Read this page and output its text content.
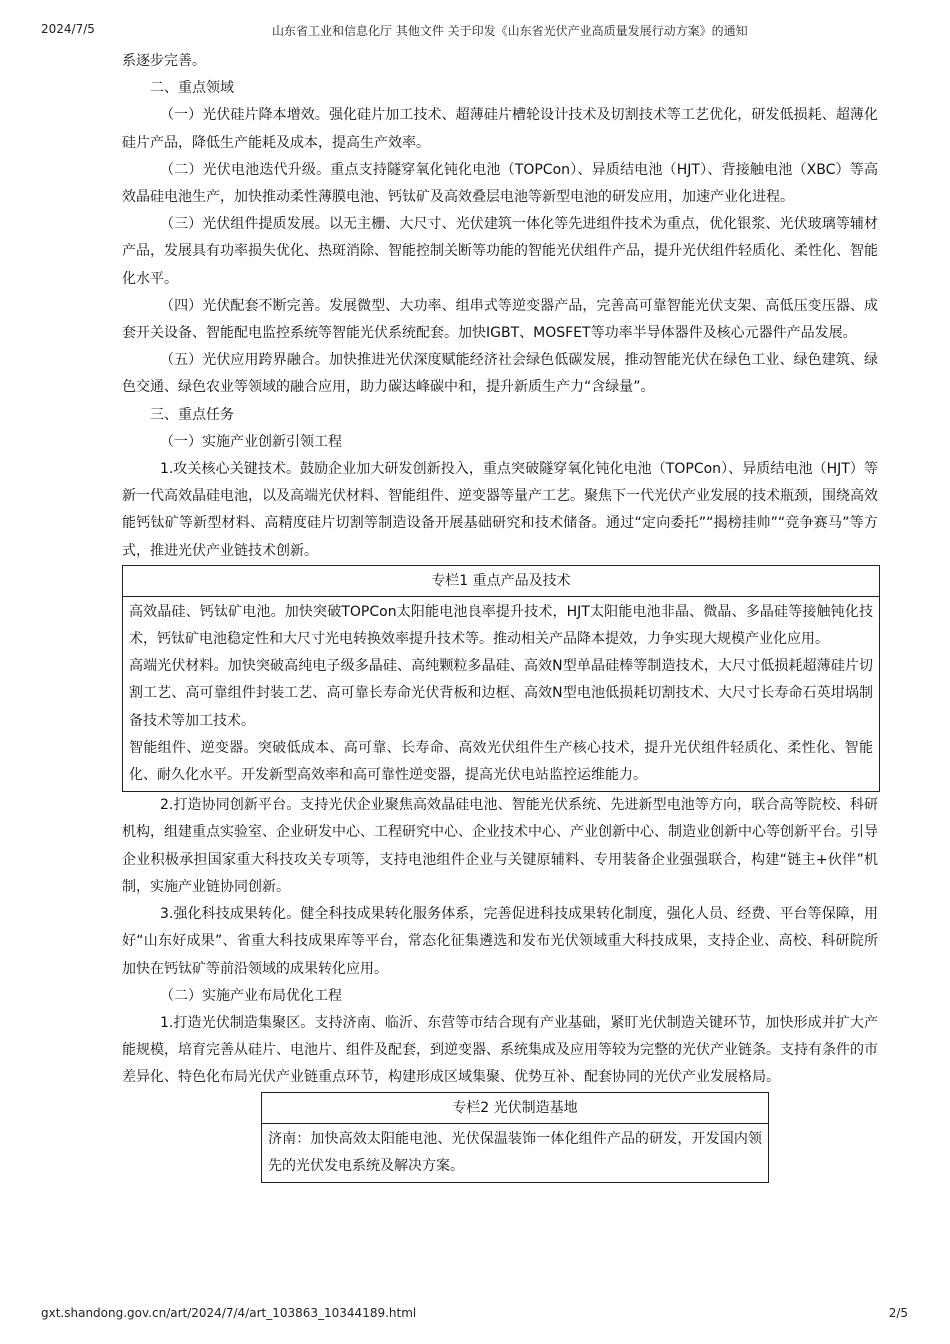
2024/7/5	山东省工业和信息化厅 其他文件 关于印发《山东省光伏产业高质量发展行动方案》的通知

系逐步完善。

二、重点领域

（一）光伏硅片降本增效。强化硅片加工技术、超薄硅片槽轮设计技术及切割技术等工艺优化，研发低损耗、超薄化硅片产品，降低生产能耗及成本，提高生产效率。

（二）光伏电池迭代升级。重点支持隧穿氧化钝化电池（TOPCon）、异质结电池（HJT）、背接触电池（XBC）等高效晶硅电池生产，加快推动柔性薄膜电池、钙钛矿及高效叠层电池等新型电池的研发应用，加速产业化进程。

（三）光伏组件提质发展。以无主栅、大尺寸、光伏建筑一体化等先进组件技术为重点，优化银浆、光伏玻璃等辅材产品，发展具有功率损失优化、热斑消除、智能控制关断等功能的智能光伏组件产品，提升光伏组件轻质化、柔性化、智能化水平。

（四）光伏配套不断完善。发展微型、大功率、组串式等逆变器产品，完善高可靠智能光伏支架、高低压变压器、成套开关设备、智能配电监控系统等智能光伏系统配套。加快IGBT、MOSFET等功率半导体器件及核心元器件产品发展。

（五）光伏应用跨界融合。加快推进光伏深度赋能经济社会绿色低碳发展，推动智能光伏在绿色工业、绿色建筑、绿色交通、绿色农业等领域的融合应用，助力碳达峰碳中和，提升新质生产力“含绿量”。

三、重点任务

（一）实施产业创新引领工程

1.攻关核心关键技术。鼓励企业加大研发创新投入，重点突破隧穿氧化钝化电池（TOPCon）、异质结电池（HJT）等新一代高效晶硅电池，以及高端光伏材料、智能组件、逆变器等量产工艺。聚焦下一代光伏产业发展的技术瓶颈，围绕高效能钙钛矿等新型材料、高精度硅片切割等制造设备开展基础研究和技术储备。通过“定向委托”“揭榜挂帅”“竞争赛马”等方式，推进光伏产业链技术创新。

专栏1 重点产品及技术

高效晶硅、钙钛矿电池。加快突破TOPCon太阳能电池良率提升技术，HJT太阳能电池非晶、微晶、多晶硅等接触钝化技术，钙钛矿电池稳定性和大尺寸光电转换效率提升技术等。推动相关产品降本提效，力争实现大规模产业化应用。

高端光伏材料。加快突破高纯电子级多晶硅、高纯颗粒多晶硅、高效N型单晶硅棒等制造技术，大尺寸低损耗超薄硅片切割工艺、高可靠组件封装工艺、高可靠长寿命光伏背板和边框、高效N型电池低损耗切割技术、大尺寸长寿命石英坩埚制备技术等加工技术。

智能组件、逆变器。突破低成本、高可靠、长寿命、高效光伏组件生产核心技术，提升光伏组件轻质化、柔性化、智能化、耐久化水平。开发新型高效率和高可靠性逆变器，提高光伏电站监控运维能力。

2.打造协同创新平台。支持光伏企业聚焦高效晶硅电池、智能光伏系统、先进新型电池等方向，联合高等院校、科研机构，组建重点实验室、企业研发中心、工程研究中心、企业技术中心、产业创新中心、制造业创新中心等创新平台。引导企业积极承担国家重大科技攻关专项等，支持电池组件企业与关键原辅料、专用装备企业强强联合，构建“链主+伙伴”机制，实施产业链协同创新。

3.强化科技成果转化。健全科技成果转化服务体系，完善促进科技成果转化制度，强化人员、经费、平台等保障，用好“山东好成果”、省重大科技成果库等平台，常态化征集遴选和发布光伏领域重大科技成果，支持企业、高校、科研院所加快在钙钛矿等前沿领域的成果转化应用。

（二）实施产业布局优化工程

1.打造光伏制造集聚区。支持济南、临沂、东营等市结合现有产业基础，紧盯光伏制造关键环节，加快形成并扩大产能规模，培育完善从硅片、电池片、组件及配套，到逆变器、系统集成及应用等较为完整的光伏产业链条。支持有条件的市差异化、特色化布局光伏产业链重点环节，构建形成区域集聚、优势互补、配套协同的光伏产业发展格局。

专栏2 光伏制造基地

济南：加快高效太阳能电池、光伏保温装饰一体化组件产品的研发，开发国内领先的光伏发电系统及解决方案。

gxt.shandong.gov.cn/art/2024/7/4/art_103863_10344189.html	2/5
